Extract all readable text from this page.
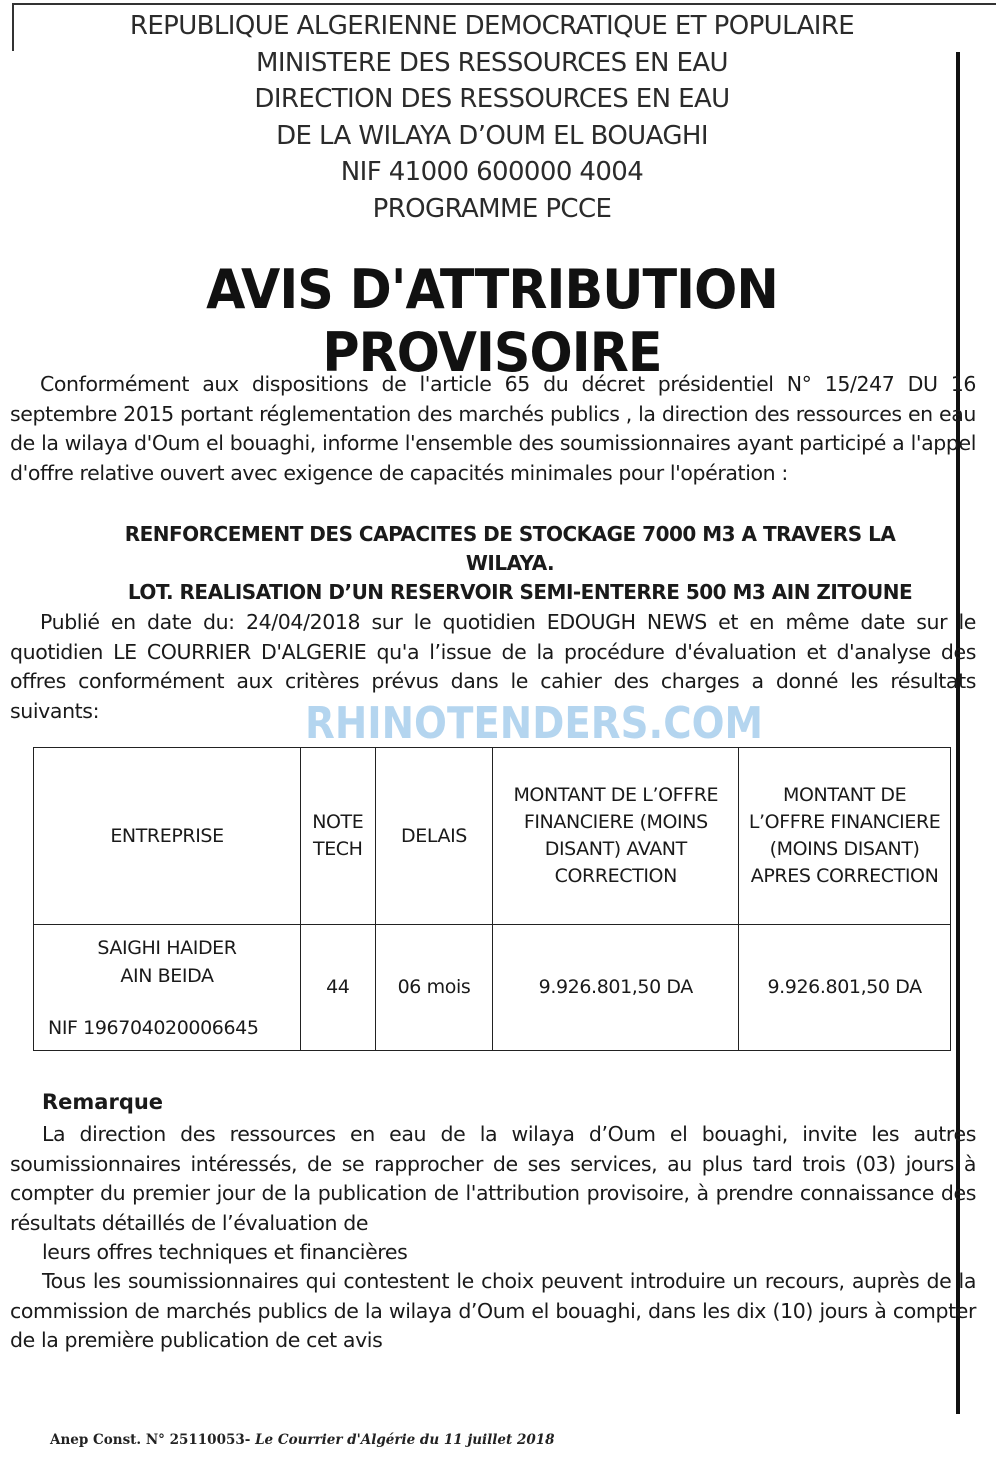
REPUBLIQUE ALGERIENNE DEMOCRATIQUE ET POPULAIRE
MINISTERE DES RESSOURCES EN EAU
DIRECTION DES RESSOURCES EN EAU
DE LA WILAYA D’OUM EL BOUAGHI
NIF 41000 600000 4004
PROGRAMME PCCE
AVIS D'ATTRIBUTION PROVISOIRE
Conformément aux dispositions de l'article 65 du décret présidentiel N° 15/247 DU 16 septembre 2015 portant réglementation des marchés publics , la direction des ressources en eau de la wilaya d'Oum el bouaghi, informe l'ensemble des soumissionnaires ayant participé a l'appel d'offre relative ouvert avec exigence de capacités minimales pour l'opération :
RENFORCEMENT DES CAPACITES DE STOCKAGE 7000 M3 A TRAVERS LA
WILAYA.
LOT. REALISATION D’UN RESERVOIR SEMI-ENTERRE 500 M3 AIN ZITOUNE
Publié en date du: 24/04/2018 sur le quotidien EDOUGH NEWS et en même date sur le quotidien LE COURRIER D'ALGERIE qu'a l’issue de la procédure d'évaluation et d'analyse des offres conformément aux critères prévus dans le cahier des charges a donné les résultats suivants:
ENTREPRISE	NOTE TECH	DELAIS	MONTANT DE L’OFFRE FINANCIERE (MOINS DISANT) AVANT CORRECTION	MONTANT DE L’OFFRE FINANCIERE (MOINS DISANT) APRES CORRECTION

SAIGHI HAIDER
AIN BEIDA
NIF 196704020006645	44	06 mois	9.926.801,50 DA	9.926.801,50 DA
RHINOTENDERS.COM
Remarque
La direction des ressources en eau de la wilaya d’Oum el bouaghi, invite les autres soumissionnaires intéressés, de se rapprocher de ses services, au plus tard trois (03) jours à compter du premier jour de la publication de l'attribution provisoire, à prendre connaissance des résultats détaillés de l’évaluation de
leurs offres techniques et financières
Tous les soumissionnaires qui contestent le choix peuvent introduire un recours, auprès de la commission de marchés publics de la wilaya d’Oum el bouaghi, dans les dix (10) jours à compter de la première publication de cet avis
Anep Const. N° 25110053- Le Courrier d'Algérie du 11 juillet 2018
